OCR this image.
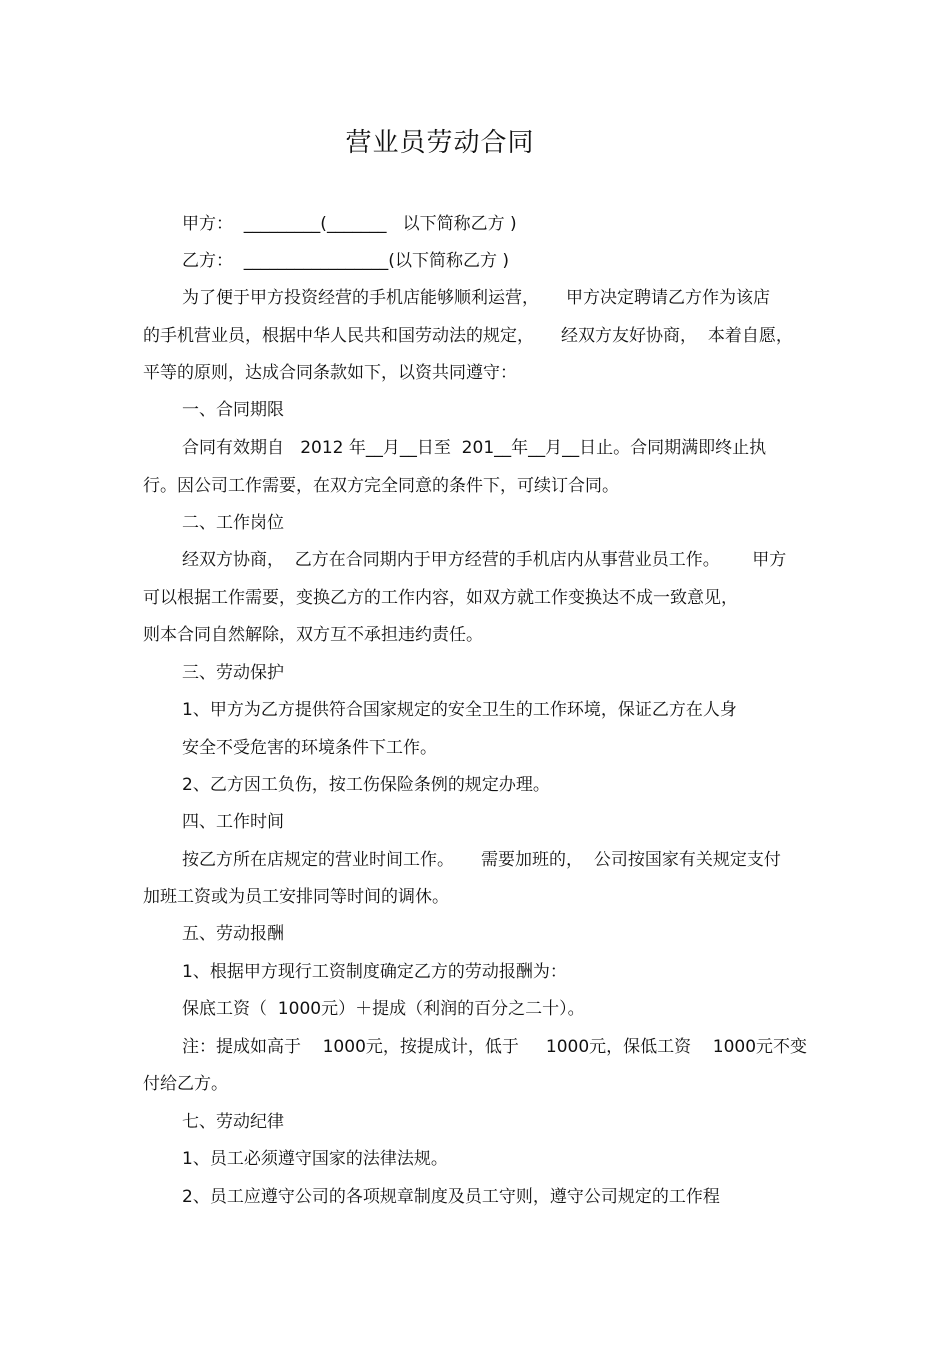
营业员劳动合同
甲方：  _________(_______   以下简称乙方 )
乙方：  _________________(以下简称乙方 )
为了便于甲方投资经营的手机店能够顺利运营，     甲方决定聘请乙方作为该店
的手机营业员，根据中华人民共和国劳动法的规定，     经双方友好协商，  本着自愿，
平等的原则，达成合同条款如下，以资共同遵守：
一、合同期限
合同有效期自   2012 年__月__日至  201__年__月__日止。合同期满即终止执
行。因公司工作需要，在双方完全同意的条件下，可续订合同。
二、工作岗位
经双方协商，  乙方在合同期内于甲方经营的手机店内从事营业员工作。      甲方
可以根据工作需要，变换乙方的工作内容，如双方就工作变换达不成一致意见，
则本合同自然解除，双方互不承担违约责任。
三、劳动保护
1、甲方为乙方提供符合国家规定的安全卫生的工作环境，保证乙方在人身
安全不受危害的环境条件下工作。
2、乙方因工负伤，按工伤保险条例的规定办理。
四、工作时间
按乙方所在店规定的营业时间工作。     需要加班的，  公司按国家有关规定支付
加班工资或为员工安排同等时间的调休。
五、劳动报酬
1、根据甲方现行工资制度确定乙方的劳动报酬为：
保底工资（  1000元）＋提成（利润的百分之二十）。
注：提成如高于    1000元，按提成计，低于     1000元，保低工资    1000元不变
付给乙方。
七、劳动纪律
1、员工必须遵守国家的法律法规。
2、员工应遵守公司的各项规章制度及员工守则，遵守公司规定的工作程
